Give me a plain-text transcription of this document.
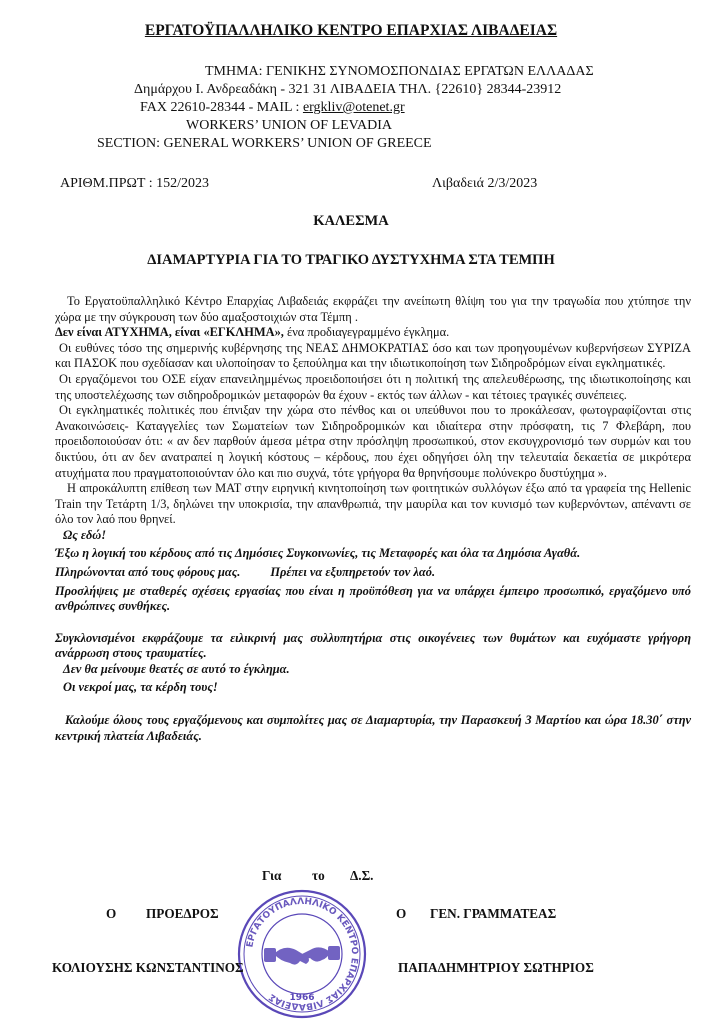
ΕΡΓΑΤΟΫΠΑΛΛΗΛΙΚΟ ΚΕΝΤΡΟ ΕΠΑΡΧΙΑΣ ΛΙΒΑΔΕΙΑΣ
ΤΜΗΜΑ: ΓΕΝΙΚΗΣ ΣΥΝΟΜΟΣΠΟΝΔΙΑΣ ΕΡΓΑΤΩΝ ΕΛΛΑΔΑΣ
Δημάρχου Ι. Ανδρεαδάκη - 321 31 ΛΙΒΑΔΕΙΑ ΤΗΛ. {22610} 28344-23912
FAX 22610-28344 - MAIL : ergkliv@otenet.gr
WORKERS’ UNION OF LEVADIA
SECTION: GENERAL WORKERS’ UNION OF GREECE
ΑΡΙΘΜ.ΠΡΩΤ : 152/2023	Λιβαδειά 2/3/2023
ΚΑΛΕΣΜΑ
ΔΙΑΜΑΡΤΥΡΙΑ ΓΙΑ ΤΟ ΤΡΑΓΙΚΟ ΔΥΣΤΥΧΗΜΑ ΣΤΑ ΤΕΜΠΗ

Το Εργατοϋπαλληλικό Κέντρο Επαρχίας Λιβαδειάς εκφράζει την ανείπωτη θλίψη του για την τραγωδία που χτύπησε την χώρα με την σύγκρουση των δύο αμαξοστοιχιών στα Τέμπη .

Δεν είναι ΑΤΥΧΗΜΑ, είναι «ΕΓΚΛΗΜΑ», ένα προδιαγεγραμμένο έγκλημα.

Οι ευθύνες τόσο της σημερινής κυβέρνησης της ΝΕΑΣ ΔΗΜΟΚΡΑΤΙΑΣ όσο και των προηγουμένων κυβερνήσεων ΣΥΡΙΖΑ και ΠΑΣΟΚ που σχεδίασαν και υλοποίησαν το ξεπούλημα και την ιδιωτικοποίηση των Σιδηροδρόμων είναι εγκληματικές.

Οι εργαζόμενοι του ΟΣΕ είχαν επανειλημμένως προειδοποιήσει ότι η πολιτική της απελευθέρωσης, της ιδιωτικοποίησης και της υποστελέχωσης των σιδηροδρομικών μεταφορών θα έχουν - εκτός των άλλων - και τέτοιες τραγικές συνέπειες.

Οι εγκληματικές πολιτικές που έπνιξαν την χώρα στο πένθος και οι υπεύθυνοι που το προκάλεσαν, φωτογραφίζονται στις Ανακοινώσεις- Καταγγελίες των Σωματείων των Σιδηροδρομικών και ιδιαίτερα στην πρόσφατη, τις 7 Φλεβάρη, που προειδοποιούσαν ότι: « αν δεν παρθούν άμεσα μέτρα στην πρόσληψη προσωπικού, στον εκσυγχρονισμό των συρμών και του δικτύου, ότι αν δεν ανατραπεί η λογική κόστους – κέρδους, που έχει οδηγήσει όλη την τελευταία δεκαετία σε μικρότερα ατυχήματα που πραγματοποιούνταν όλο και πιο συχνά, τότε γρήγορα θα θρηνήσουμε πολύνεκρο δυστύχημα ».

Η απροκάλυπτη επίθεση των ΜΑΤ στην ειρηνική κινητοποίηση των φοιτητικών συλλόγων έξω από τα γραφεία της Hellenic Train την Τετάρτη 1/3, δηλώνει την υποκρισία, την απανθρωπιά, την μαυρίλα και τον κυνισμό των κυβερνόντων, απέναντι σε όλο τον λαό που θρηνεί.

Ως εδώ!

Έξω η λογική του κέρδους από τις Δημόσιες Συγκοινωνίες, τις Μεταφορές και όλα τα Δημόσια Αγαθά.

Πληρώνονται από τους φόρους μας. Πρέπει να εξυπηρετούν τον λαό.

Προσλήψεις με σταθερές σχέσεις εργασίας που είναι η προϋπόθεση για να υπάρχει έμπειρο προσωπικό, εργαζόμενο υπό ανθρώπινες συνθήκες.

Συγκλονισμένοι εκφράζουμε τα ειλικρινή μας συλλυπητήρια στις οικογένειες των θυμάτων και ευχόμαστε γρήγορη ανάρρωση στους τραυματίες.

Δεν θα μείνουμε θεατές σε αυτό το έγκλημα.

Οι νεκροί μας, τα κέρδη τους!

Καλούμε όλους τους εργαζόμενους και συμπολίτες μας σε Διαμαρτυρία, την Παρασκευή 3 Μαρτίου και ώρα 18.30΄ στην κεντρική πλατεία Λιβαδειάς.

Για το Δ.Σ.
Ο ΠΡΟΕΔΡΟΣ	Ο ΓΕΝ. ΓΡΑΜΜΑΤΕΑΣ
ΕΡΓΑΤΟΫΠΑΛΛΗΛΙΚΟ ΚΕΝΤΡΟ ΕΠΑΡΧΙΑΣ ΛΙΒΑΔΕΙΑΣ	1966
ΚΟΛΙΟΥΣΗΣ ΚΩΝΣΤΑΝΤΙΝΟΣ	ΠΑΠΑΔΗΜΗΤΡΙΟΥ ΣΩΤΗΡΙΟΣ
